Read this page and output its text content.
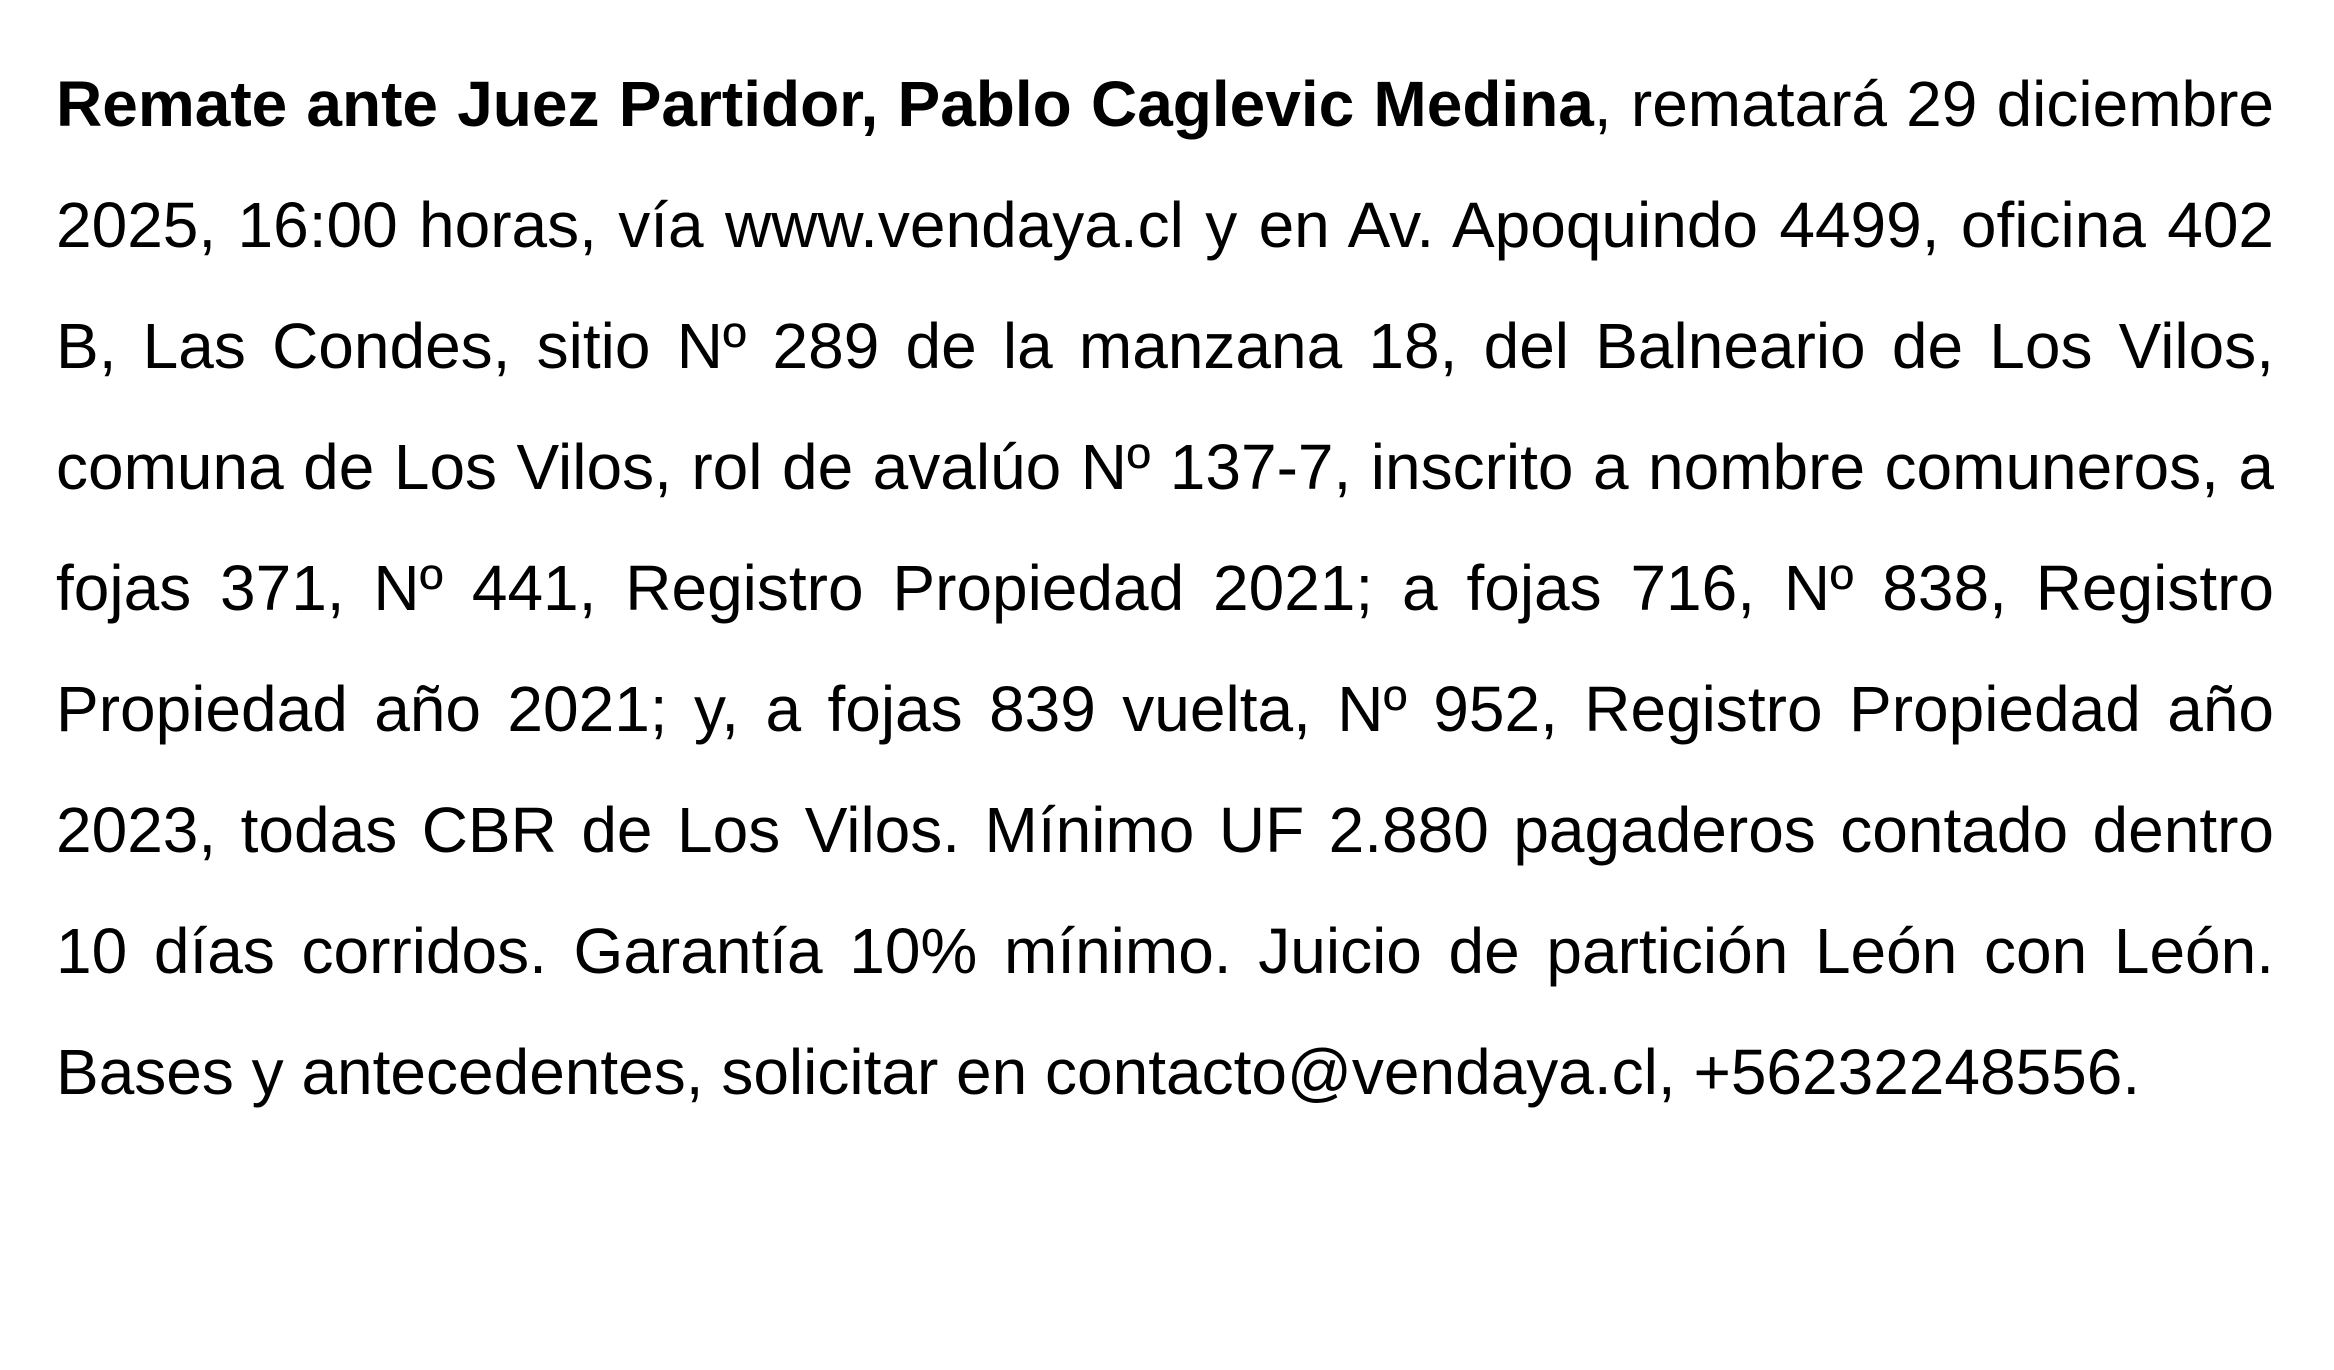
Remate ante Juez Partidor, Pablo Caglevic Medina, rematará 29 diciembre 2025, 16:00 horas, vía www.vendaya.cl y en Av. Apoquindo 4499, oficina 402 B, Las Condes, sitio Nº 289 de la manzana 18, del Balneario de Los Vilos, comuna de Los Vilos, rol de avalúo Nº 137-7, inscrito a nombre comuneros, a fojas 371, Nº 441, Registro Propiedad 2021; a fojas 716, Nº 838, Registro  Propiedad año 2021; y, a fojas 839 vuelta, Nº 952, Registro Propiedad año 2023, todas CBR de Los Vilos. Mínimo UF 2.880 pagaderos contado dentro 10 días corridos. Garantía 10% mínimo. Juicio de partición León con León. Bases y antecedentes, solicitar en contacto@vendaya.cl, +56232248556.
